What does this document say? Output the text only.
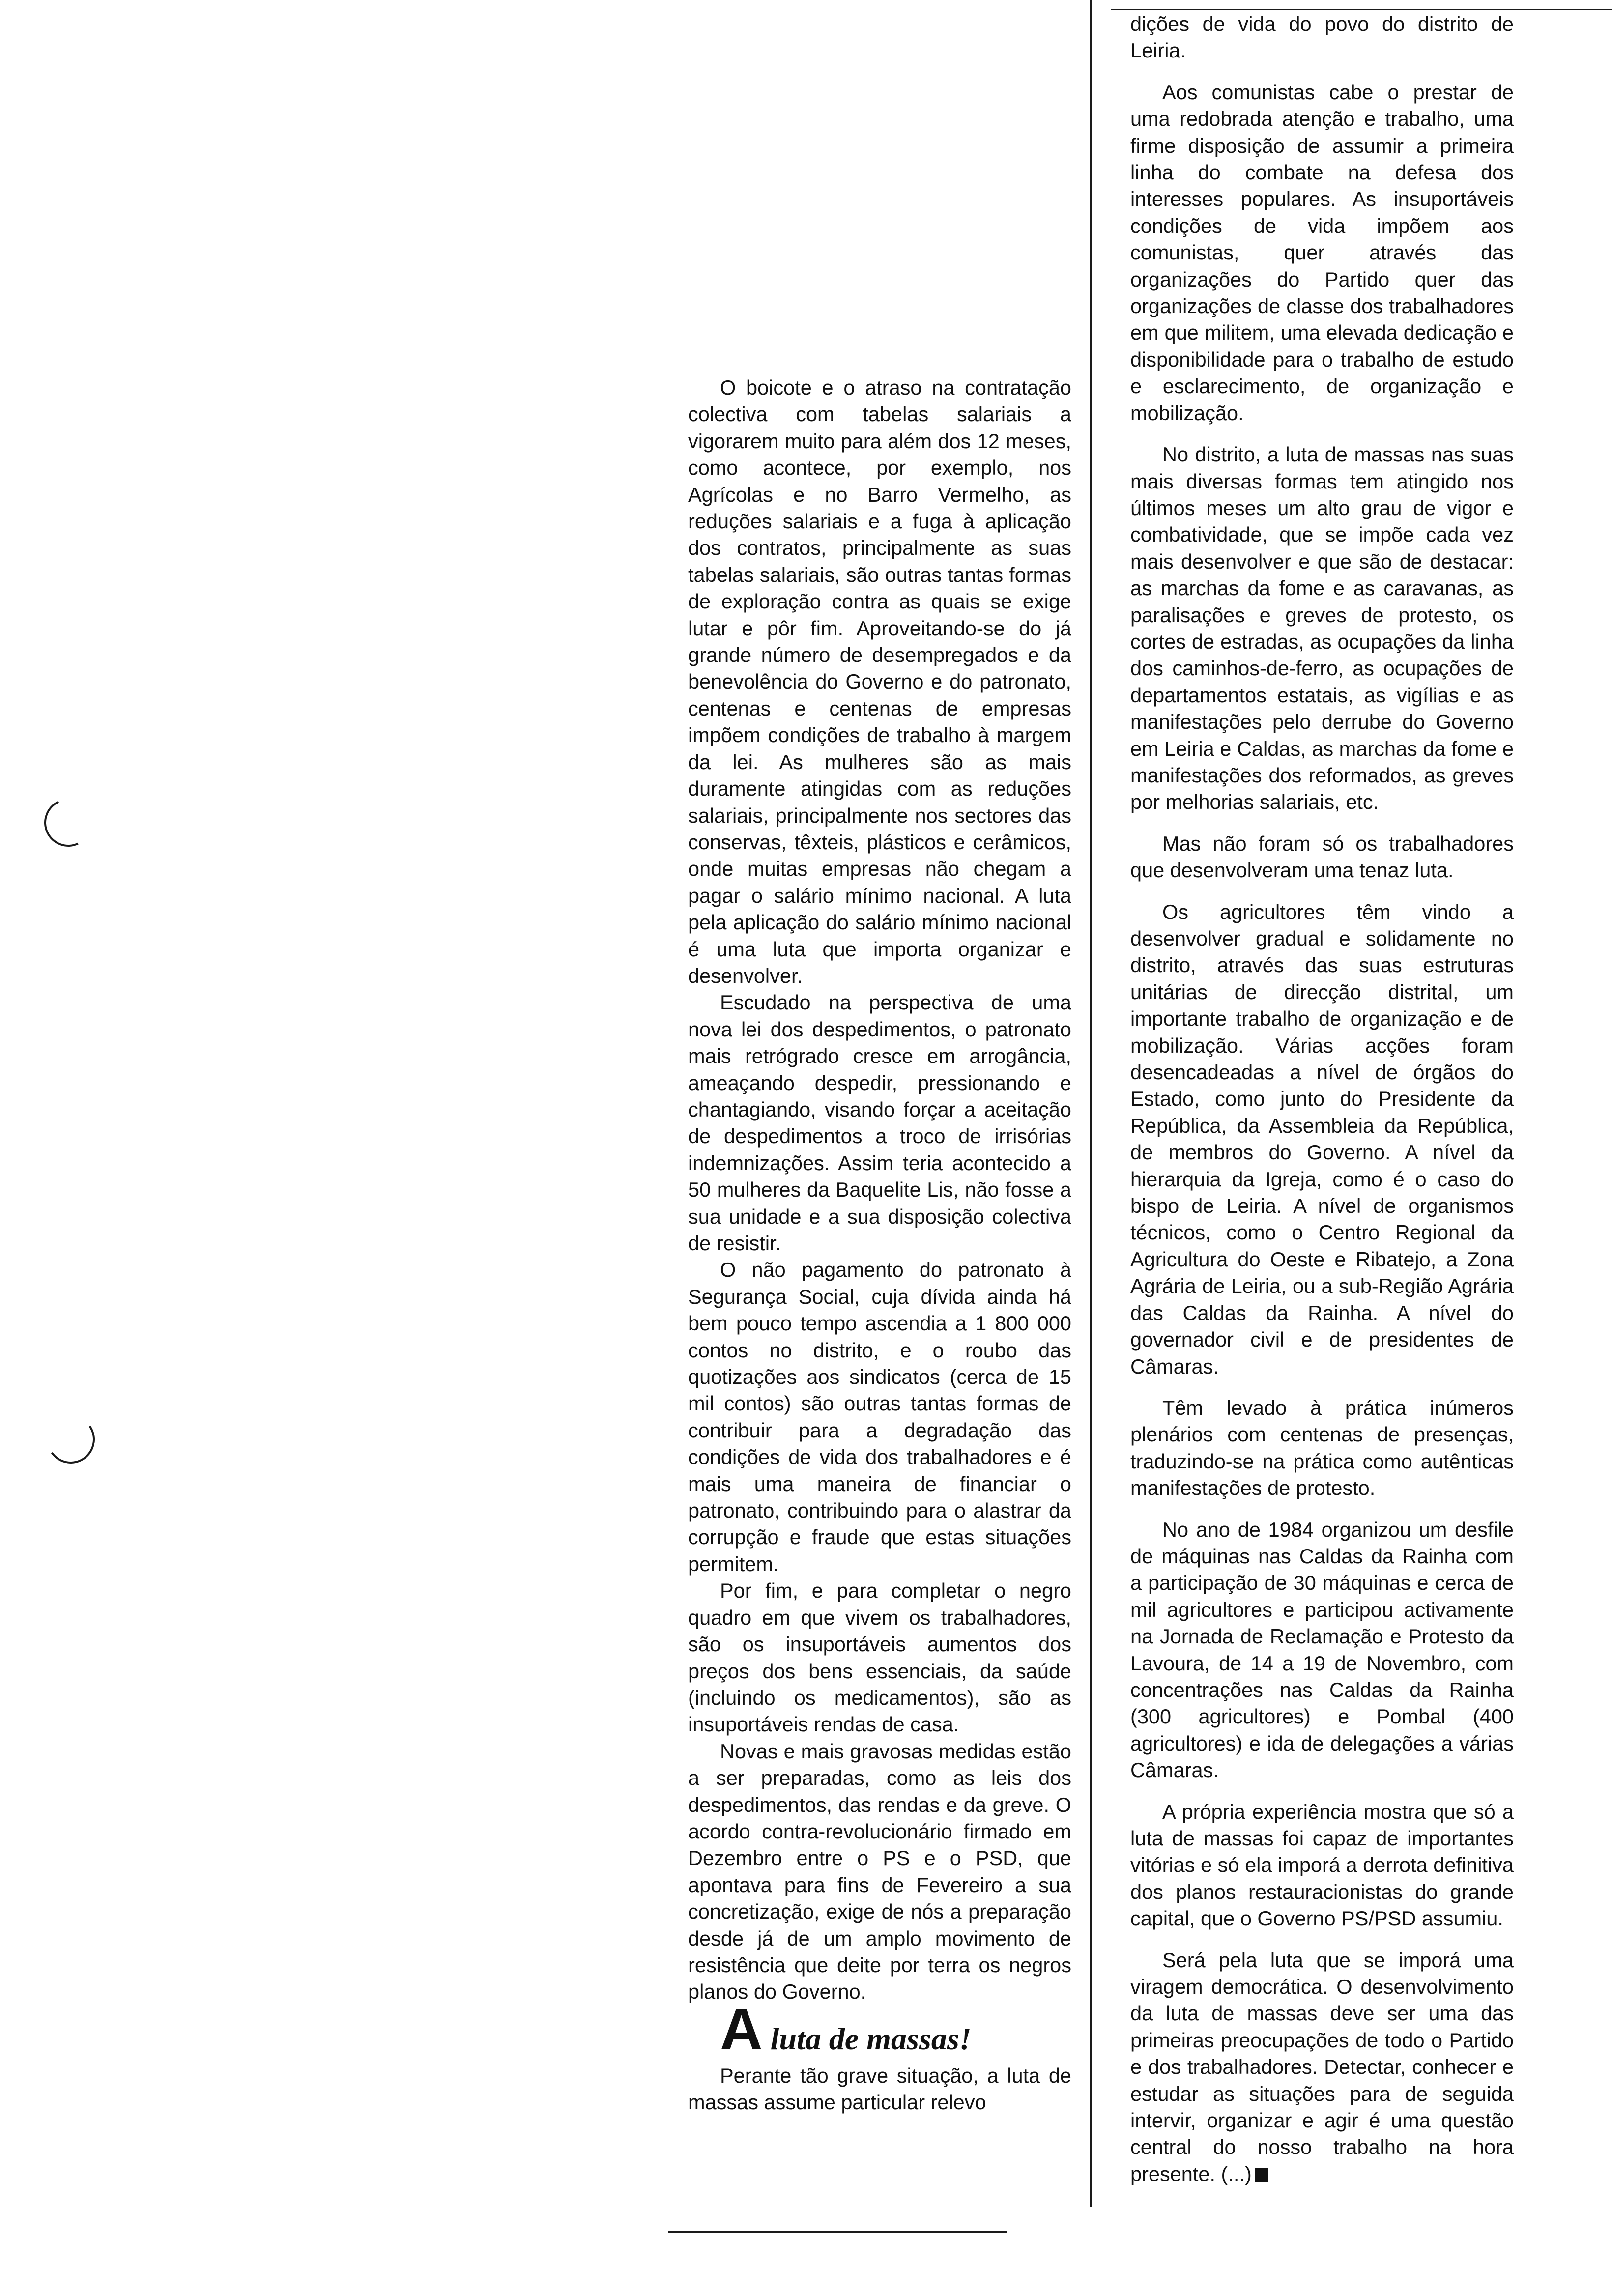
O boicote e o atraso na contratação colectiva com tabelas salariais a vigorarem muito para além dos 12 meses, como acontece, por exemplo, nos Agrícolas e no Barro Vermelho, as reduções salariais e a fuga à aplicação dos contratos, principalmente as suas tabelas salariais, são outras tantas formas de exploração contra as quais se exige lutar e pôr fim. Aproveitando-se do já grande número de desempregados e da benevolência do Governo e do patronato, centenas e centenas de empresas impõem condições de trabalho à margem da lei. As mulheres são as mais duramente atingidas com as reduções salariais, principalmente nos sectores das conservas, têxteis, plásticos e cerâmicos, onde muitas empresas não chegam a pagar o salário mínimo nacional. A luta pela aplicação do salário mínimo nacional é uma luta que importa organizar e desenvolver.

Escudado na perspectiva de uma nova lei dos despedimentos, o patronato mais retrógrado cresce em arrogância, ameaçando despedir, pressionando e chantagiando, visando forçar a aceitação de despedimentos a troco de irrisórias indemnizações. Assim teria acontecido a 50 mulheres da Baquelite Lis, não fosse a sua unidade e a sua disposição colectiva de resistir.

O não pagamento do patronato à Segurança Social, cuja dívida ainda há bem pouco tempo ascendia a 1 800 000 contos no distrito, e o roubo das quotizações aos sindicatos (cerca de 15 mil contos) são outras tantas formas de contribuir para a degradação das condições de vida dos trabalhadores e é mais uma maneira de financiar o patronato, contribuindo para o alastrar da corrupção e fraude que estas situações permitem.

Por fim, e para completar o negro quadro em que vivem os trabalhadores, são os insuportáveis aumentos dos preços dos bens essenciais, da saúde (incluindo os medicamentos), são as insuportáveis rendas de casa.

Novas e mais gravosas medidas estão a ser preparadas, como as leis dos despedimentos, das rendas e da greve. O acordo contra-revolucionário firmado em Dezembro entre o PS e o PSD, que apontava para fins de Fevereiro a sua concretização, exige de nós a preparação desde já de um amplo movimento de resistência que deite por terra os negros planos do Governo.

A luta de massas!

Perante tão grave situação, a luta de massas assume particular relevo

dições de vida do povo do distrito de Leiria.

Aos comunistas cabe o prestar de uma redobrada atenção e trabalho, uma firme disposição de assumir a primeira linha do combate na defesa dos interesses populares. As insuportáveis condições de vida impõem aos comunistas, quer através das organizações do Partido quer das organizações de classe dos trabalhadores em que militem, uma elevada dedicação e disponibilidade para o trabalho de estudo e esclarecimento, de organização e mobilização.

No distrito, a luta de massas nas suas mais diversas formas tem atingido nos últimos meses um alto grau de vigor e combatividade, que se impõe cada vez mais desenvolver e que são de destacar: as marchas da fome e as caravanas, as paralisações e greves de protesto, os cortes de estradas, as ocupações da linha dos caminhos-de-ferro, as ocupações de departamentos estatais, as vigílias e as manifestações pelo derrube do Governo em Leiria e Caldas, as marchas da fome e manifestações dos reformados, as greves por melhorias salariais, etc.

Mas não foram só os trabalhadores que desenvolveram uma tenaz luta.

Os agricultores têm vindo a desenvolver gradual e solidamente no distrito, através das suas estruturas unitárias de direcção distrital, um importante trabalho de organização e de mobilização. Várias acções foram desencadeadas a nível de órgãos do Estado, como junto do Presidente da República, da Assembleia da República, de membros do Governo. A nível da hierarquia da Igreja, como é o caso do bispo de Leiria. A nível de organismos técnicos, como o Centro Regional da Agricultura do Oeste e Ribatejo, a Zona Agrária de Leiria, ou a sub-Região Agrária das Caldas da Rainha. A nível do governador civil e de presidentes de Câmaras.

Têm levado à prática inúmeros plenários com centenas de presenças, traduzindo-se na prática como autênticas manifestações de protesto.

No ano de 1984 organizou um desfile de máquinas nas Caldas da Rainha com a participação de 30 máquinas e cerca de mil agricultores e participou activamente na Jornada de Reclamação e Protesto da Lavoura, de 14 a 19 de Novembro, com concentrações nas Caldas da Rainha (300 agricultores) e Pombal (400 agricultores) e ida de delegações a várias Câmaras.

A própria experiência mostra que só a luta de massas foi capaz de importantes vitórias e só ela imporá a derrota definitiva dos planos restauracionistas do grande capital, que o Governo PS/PSD assumiu.

Será pela luta que se imporá uma viragem democrática. O desenvolvimento da luta de massas deve ser uma das primeiras preocupações de todo o Partido e dos trabalhadores. Detectar, conhecer e estudar as situações para de seguida intervir, organizar e agir é uma questão central do nosso trabalho na hora presente. (...)
